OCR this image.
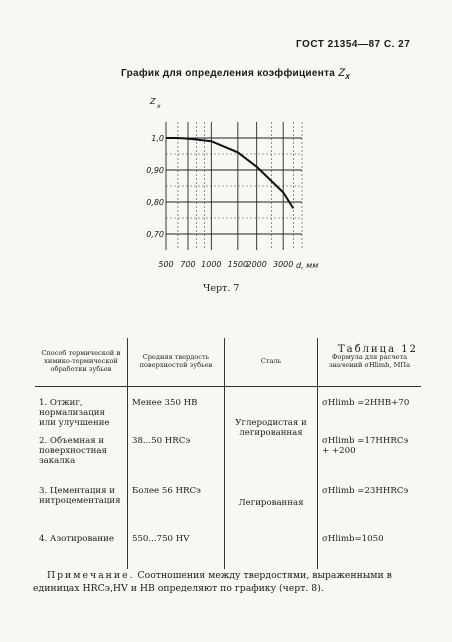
ГОСТ 21354—87 С. 27
График для определения коэффициента $Z_X$
500 700 1000 1500
2000 3000
1,0
0,90
0,80
0,70
Z
x
d, мм
Черт. 7
Таблица 12
Способ термической и химико-термической обработки зубьев	Средняя твердость поверхностей зубьев	Сталь	Формула для расчета значений σHlimb, МПа
1. Отжиг, нормализация или улучшение	Менее 350 HB	Углеродистая и легированная	σHlimb =2HHB+70
2. Объемная и поверхностная закалка	38...50 HRCэ		σHlimb =17HHRCэ + +200
3. Цементация и нитроцементация	Более 56 HRCэ	Легированная	σHlimb =23HHRCэ
4. Азотирование	550...750 HV		σHlimb=1050
Примечание. Соотношения между твердостями, выраженными в единицах HRCэ,HV и HB определяют по графику (черт. 8).
